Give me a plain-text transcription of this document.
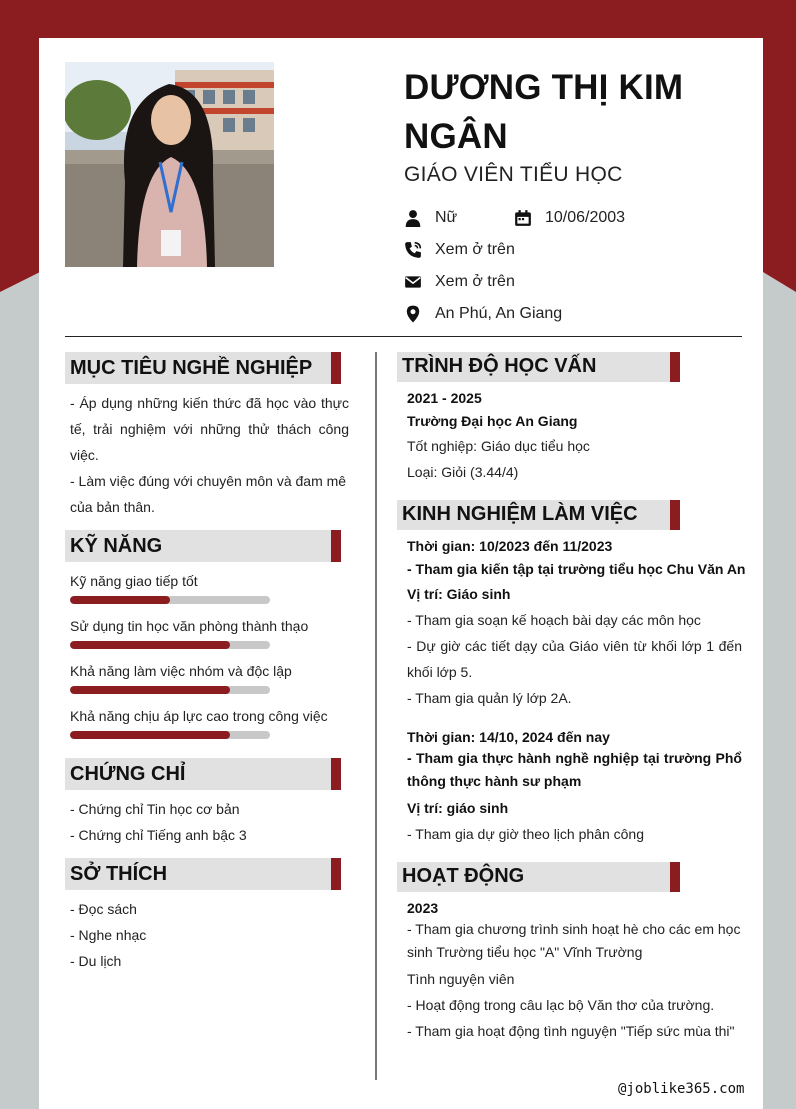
DƯƠNG THỊ KIM NGÂN
GIÁO VIÊN TIỂU HỌC
Nữ	10/06/2003
Xem ở trên
Xem ở trên
An Phú, An Giang
MỤC TIÊU NGHỀ NGHIỆP
- Áp dụng những kiến thức đã học vào thực tế, trải nghiệm với những thử thách công việc.
- Làm việc đúng với chuyên môn và đam mê của bản thân.
KỸ NĂNG
Kỹ năng giao tiếp tốt
Sử dụng tin học văn phòng thành thạo
Khả năng làm việc nhóm và độc lập
Khả năng chịu áp lực cao trong công việc
CHỨNG CHỈ
- Chứng chỉ Tin học cơ bản
- Chứng chỉ Tiếng anh bậc 3
SỞ THÍCH
- Đọc sách
- Nghe nhạc
- Du lịch
TRÌNH ĐỘ HỌC VẤN
2021 - 2025
Trường Đại học An Giang
Tốt nghiệp: Giáo dục tiểu học
Loại: Giỏi (3.44/4)
KINH NGHIỆM LÀM VIỆC
Thời gian: 10/2023 đến 11/2023
- Tham gia kiến tập tại trường tiểu học Chu Văn An
Vị trí: Giáo sinh
- Tham gia soạn kế hoạch bài dạy các môn học
- Dự giờ các tiết dạy của Giáo viên từ khối lớp 1 đến khối lớp 5.
- Tham gia quản lý lớp 2A.
Thời gian: 14/10, 2024 đến nay
- Tham gia thực hành nghề nghiệp tại trường Phổ thông thực hành sư phạm
Vị trí: giáo sinh
- Tham gia dự giờ theo lịch phân công
HOẠT ĐỘNG
2023
- Tham gia chương trình sinh hoạt hè cho các em học sinh Trường tiểu học "A" Vĩnh Trường
Tình nguyện viên
- Hoạt động trong câu lạc bộ Văn thơ của trường.
- Tham gia hoạt động tình nguyện "Tiếp sức mùa thi"
@joblike365.com
